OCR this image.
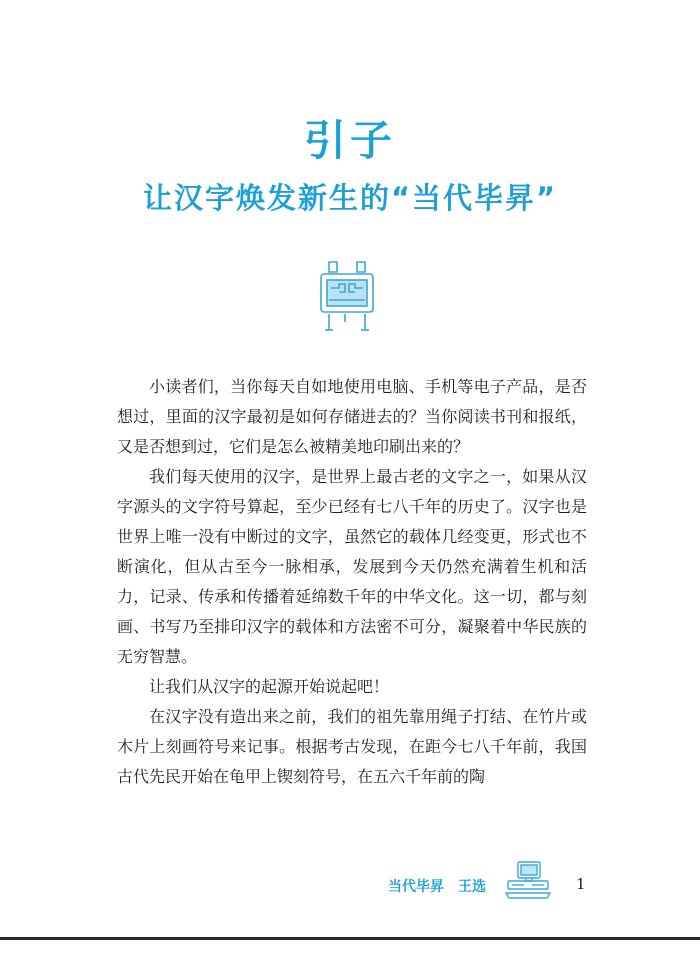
引子
让汉字焕发新生的“当代毕昇”

小读者们，当你每天自如地使用电脑、手机等电子产品，是否想过，里面的汉字最初是如何存储进去的？当你阅读书刊和报纸，又是否想到过，它们是怎么被精美地印刷出来的？

我们每天使用的汉字，是世界上最古老的文字之一，如果从汉字源头的文字符号算起，至少已经有七八千年的历史了。汉字也是世界上唯一没有中断过的文字，虽然它的载体几经变更，形式也不断演化，但从古至今一脉相承，发展到今天仍然充满着生机和活力，记录、传承和传播着延绵数千年的中华文化。这一切，都与刻画、书写乃至排印汉字的载体和方法密不可分，凝聚着中华民族的无穷智慧。

让我们从汉字的起源开始说起吧！

在汉字没有造出来之前，我们的祖先靠用绳子打结、在竹片或木片上刻画符号来记事。根据考古发现，在距今七八千年前，我国古代先民开始在龟甲上锲刻符号，在五六千年前的陶

当代毕昇　王选	1
